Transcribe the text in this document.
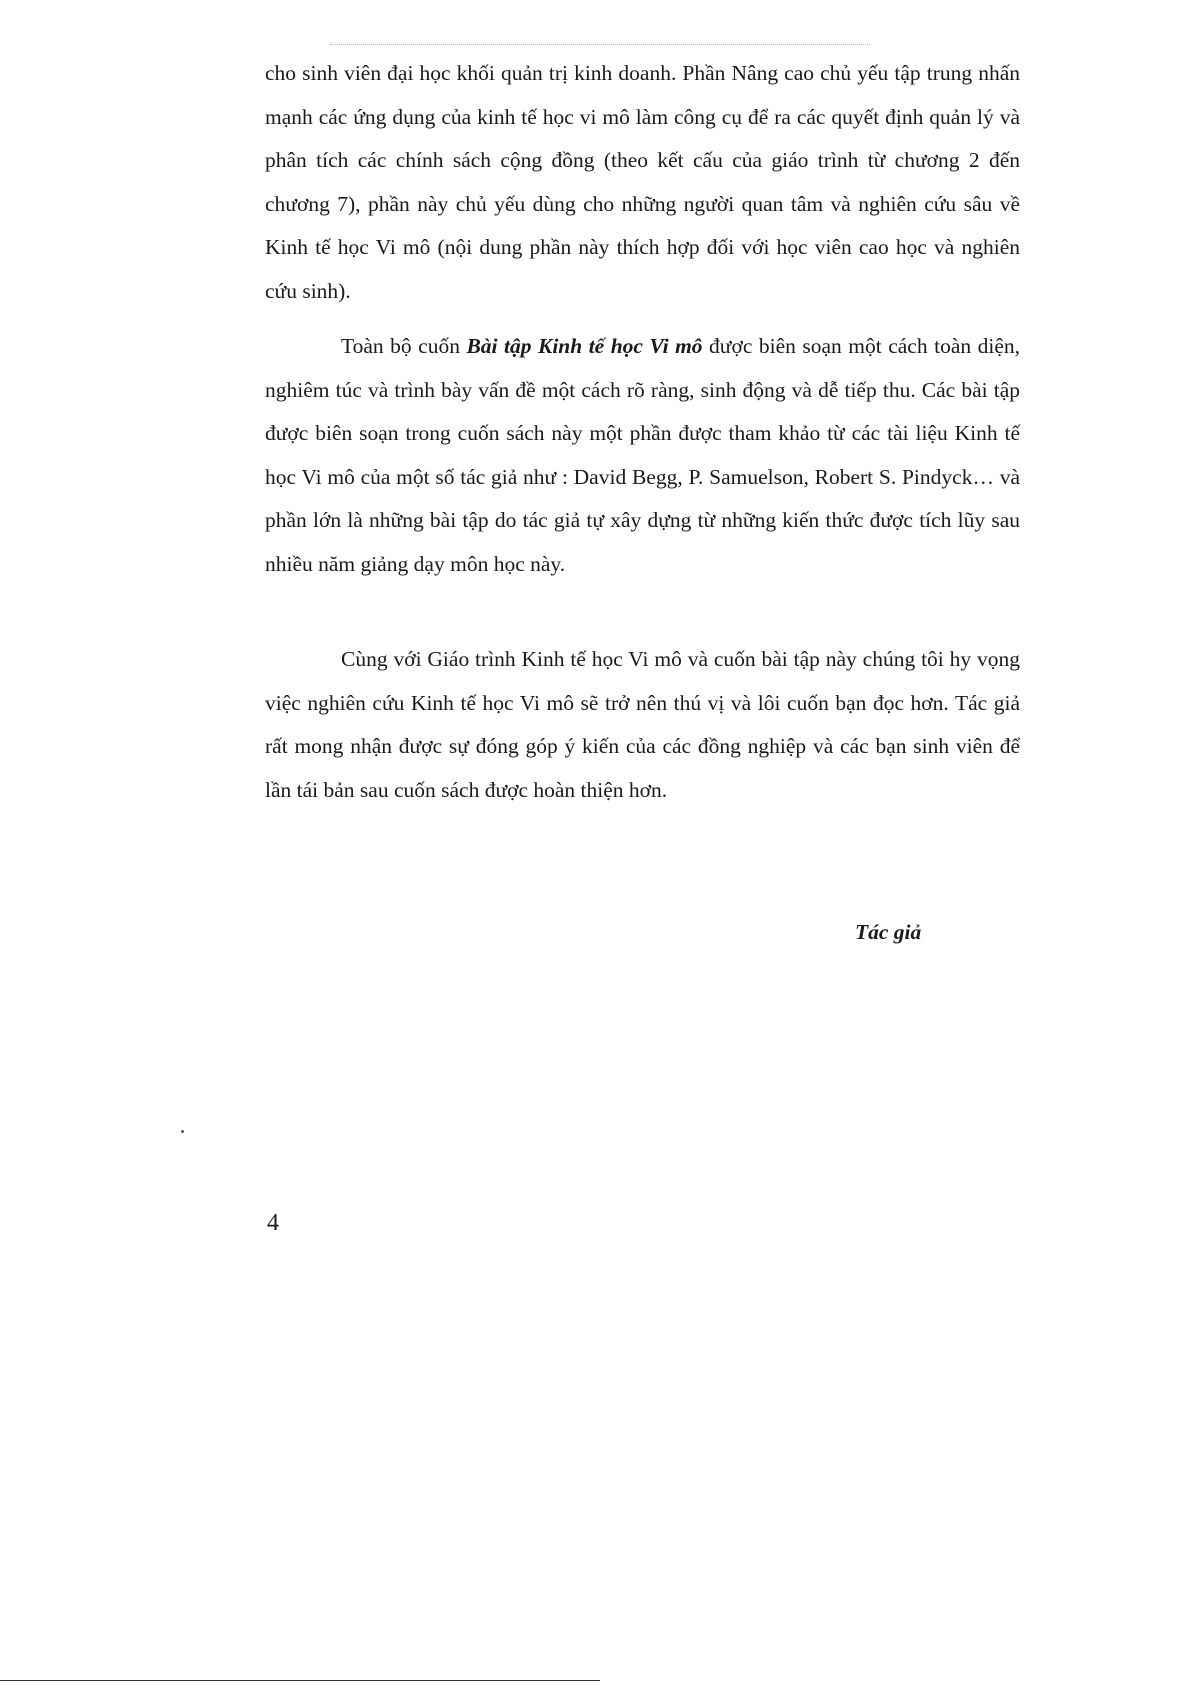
cho sinh viên đại học khối quản trị kinh doanh. Phần Nâng cao chủ yếu tập trung nhấn mạnh các ứng dụng của kinh tế học vi mô làm công cụ để ra các quyết định quản lý và phân tích các chính sách cộng đồng (theo kết cấu của giáo trình từ chương 2 đến chương 7), phần này chủ yếu dùng cho những người quan tâm và nghiên cứu sâu về Kinh tế học Vi mô (nội dung phần này thích hợp đối với học viên cao học và nghiên cứu sinh).

Toàn bộ cuốn Bài tập Kinh tế học Vi mô được biên soạn một cách toàn diện, nghiêm túc và trình bày vấn đề một cách rõ ràng, sinh động và dễ tiếp thu. Các bài tập được biên soạn trong cuốn sách này một phần được tham khảo từ các tài liệu Kinh tế học Vi mô của một số tác giả như : David Begg, P. Samuelson, Robert S. Pindyck… và phần lớn là những bài tập do tác giả tự xây dựng từ những kiến thức được tích lũy sau nhiều năm giảng dạy môn học này.

Cùng với Giáo trình Kinh tế học Vi mô và cuốn bài tập này chúng tôi hy vọng việc nghiên cứu Kinh tế học Vi mô sẽ trở nên thú vị và lôi cuốn bạn đọc hơn. Tác giả rất mong nhận được sự đóng góp ý kiến của các đồng nghiệp và các bạn sinh viên để lần tái bản sau cuốn sách được hoàn thiện hơn.

Tác giả
4
